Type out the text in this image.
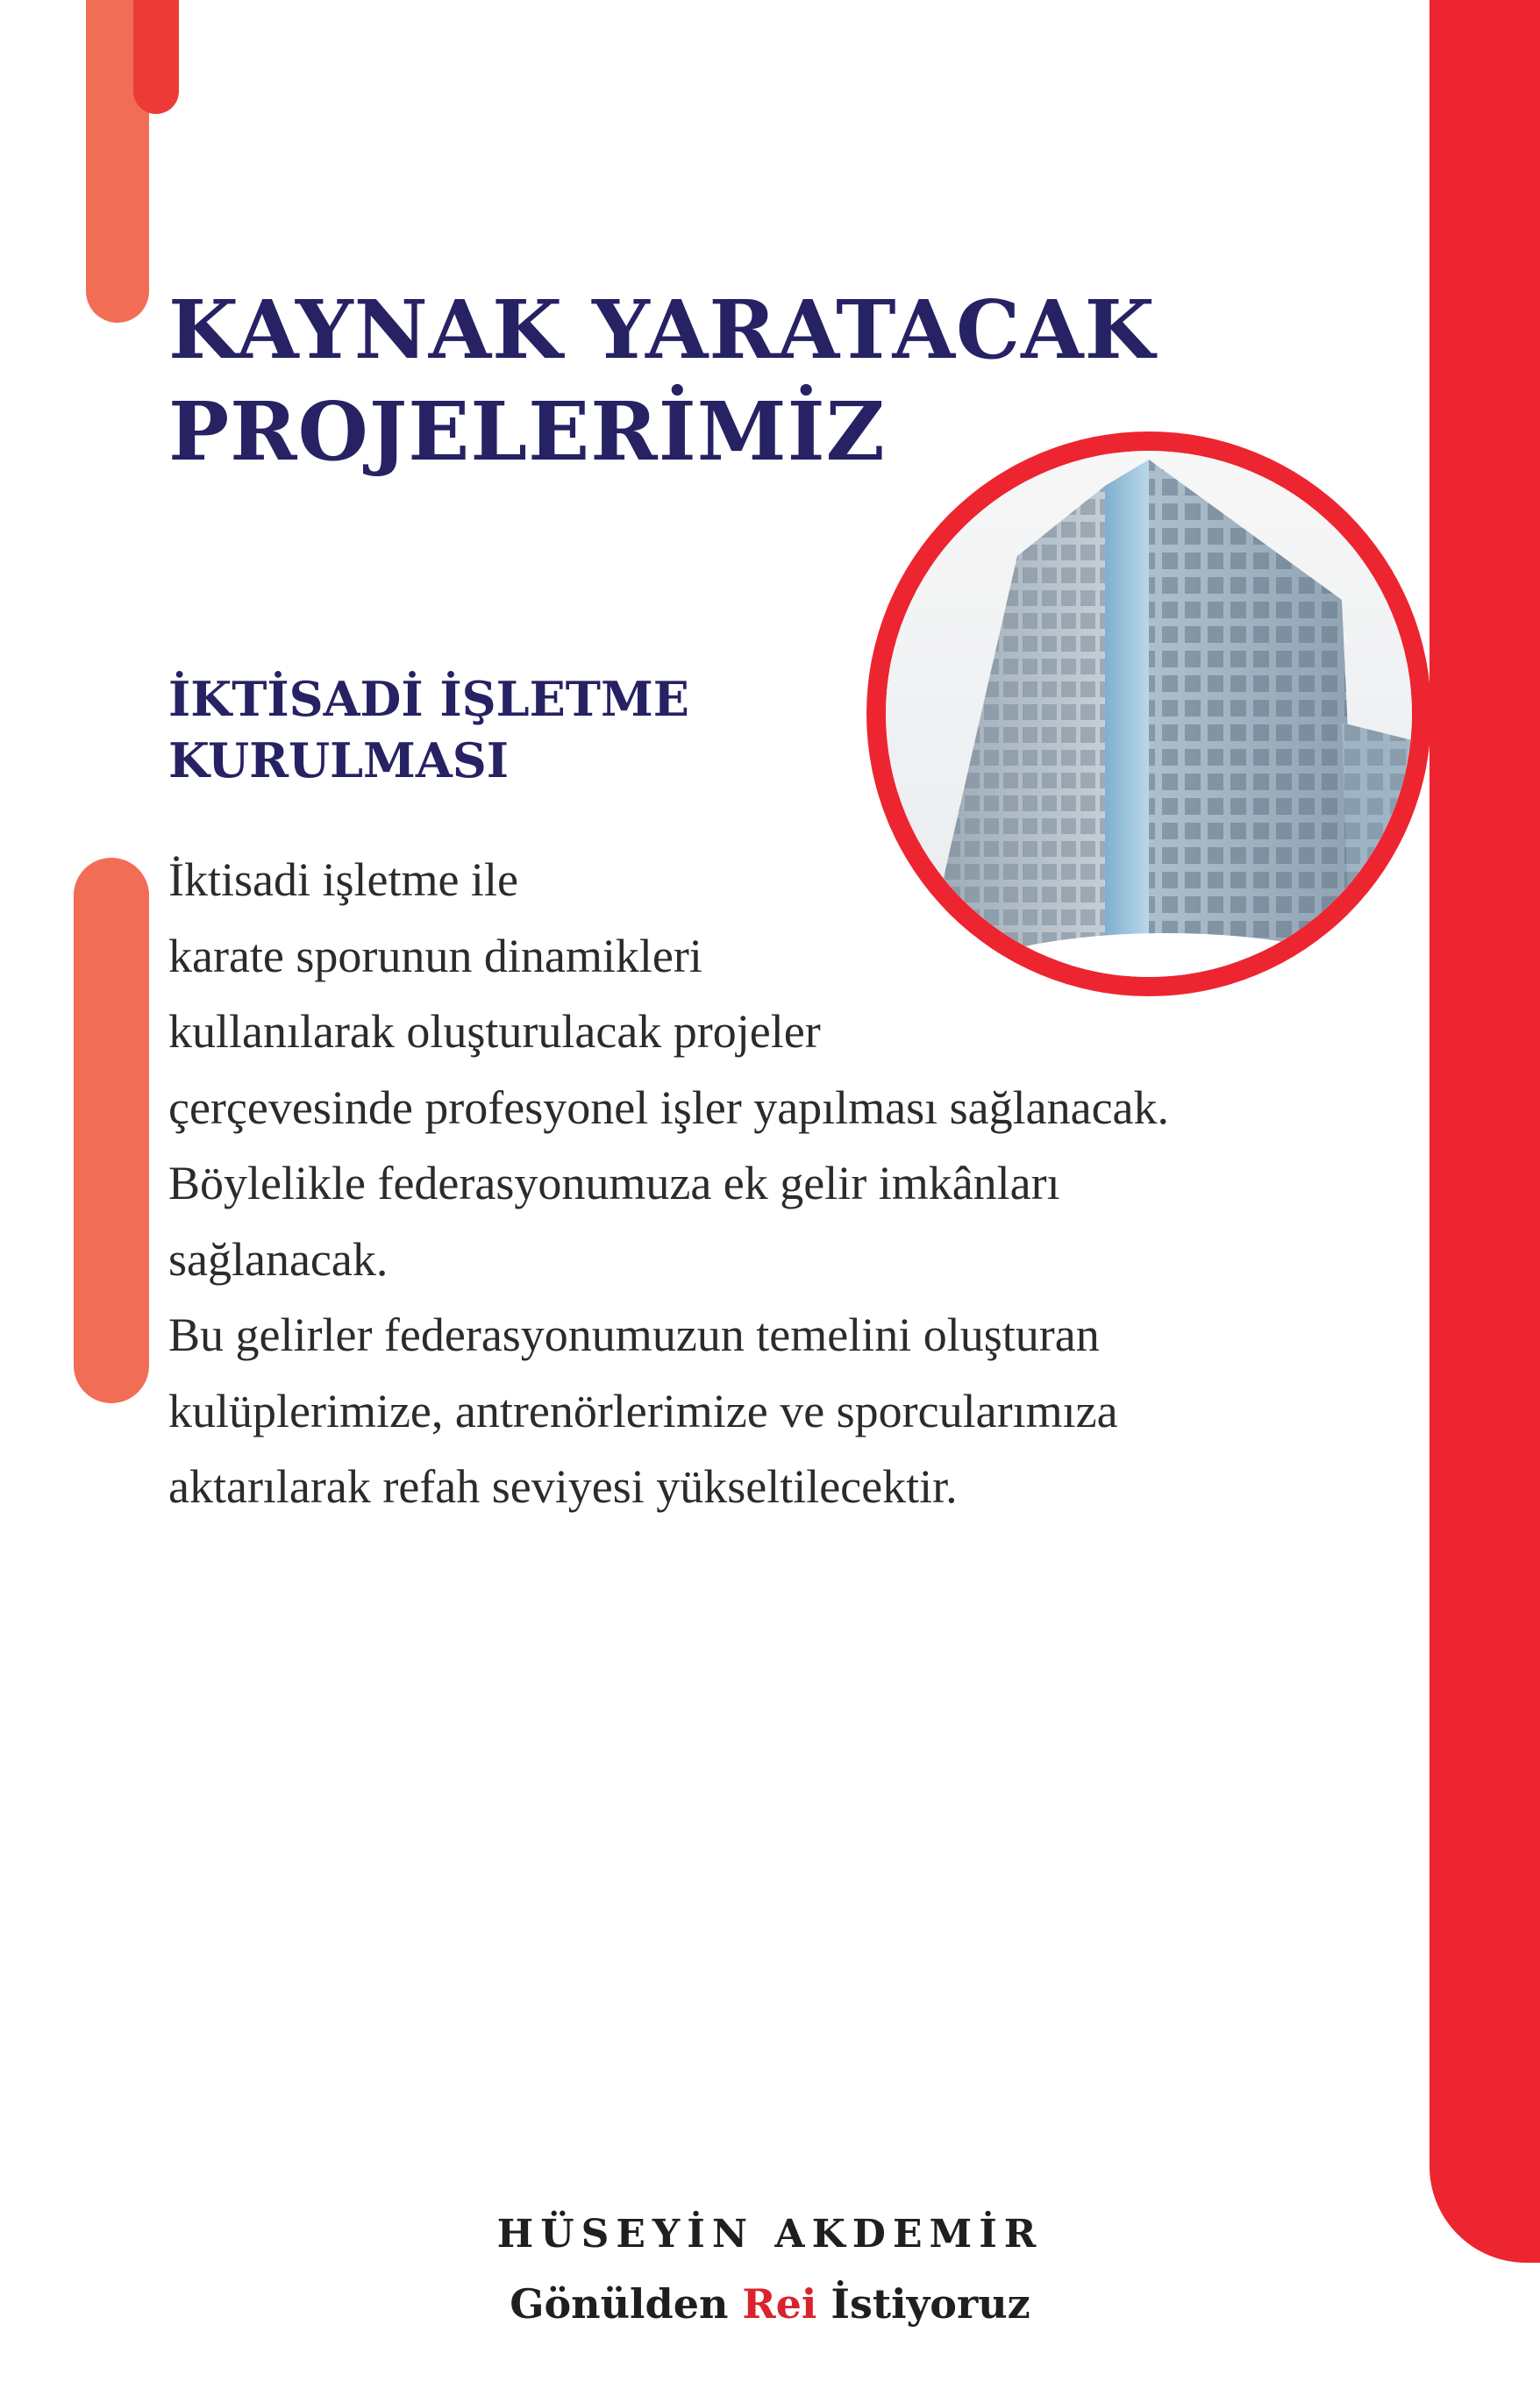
KAYNAK YARATACAK
PROJELERİMİZ
İKTİSADİ İŞLETME
KURULMASI

İktisadi işletme ile
karate sporunun dinamikleri
kullanılarak oluşturulacak projeler
çerçevesinde profesyonel işler yapılması sağlanacak.
Böylelikle federasyonumuza ek gelir imkânları
sağlanacak.
Bu gelirler federasyonumuzun temelini oluşturan
kulüplerimize, antrenörlerimize ve sporcularımıza
aktarılarak refah seviyesi yükseltilecektir.

HÜSEYİN AKDEMİR
Gönülden Rei İstiyoruz
